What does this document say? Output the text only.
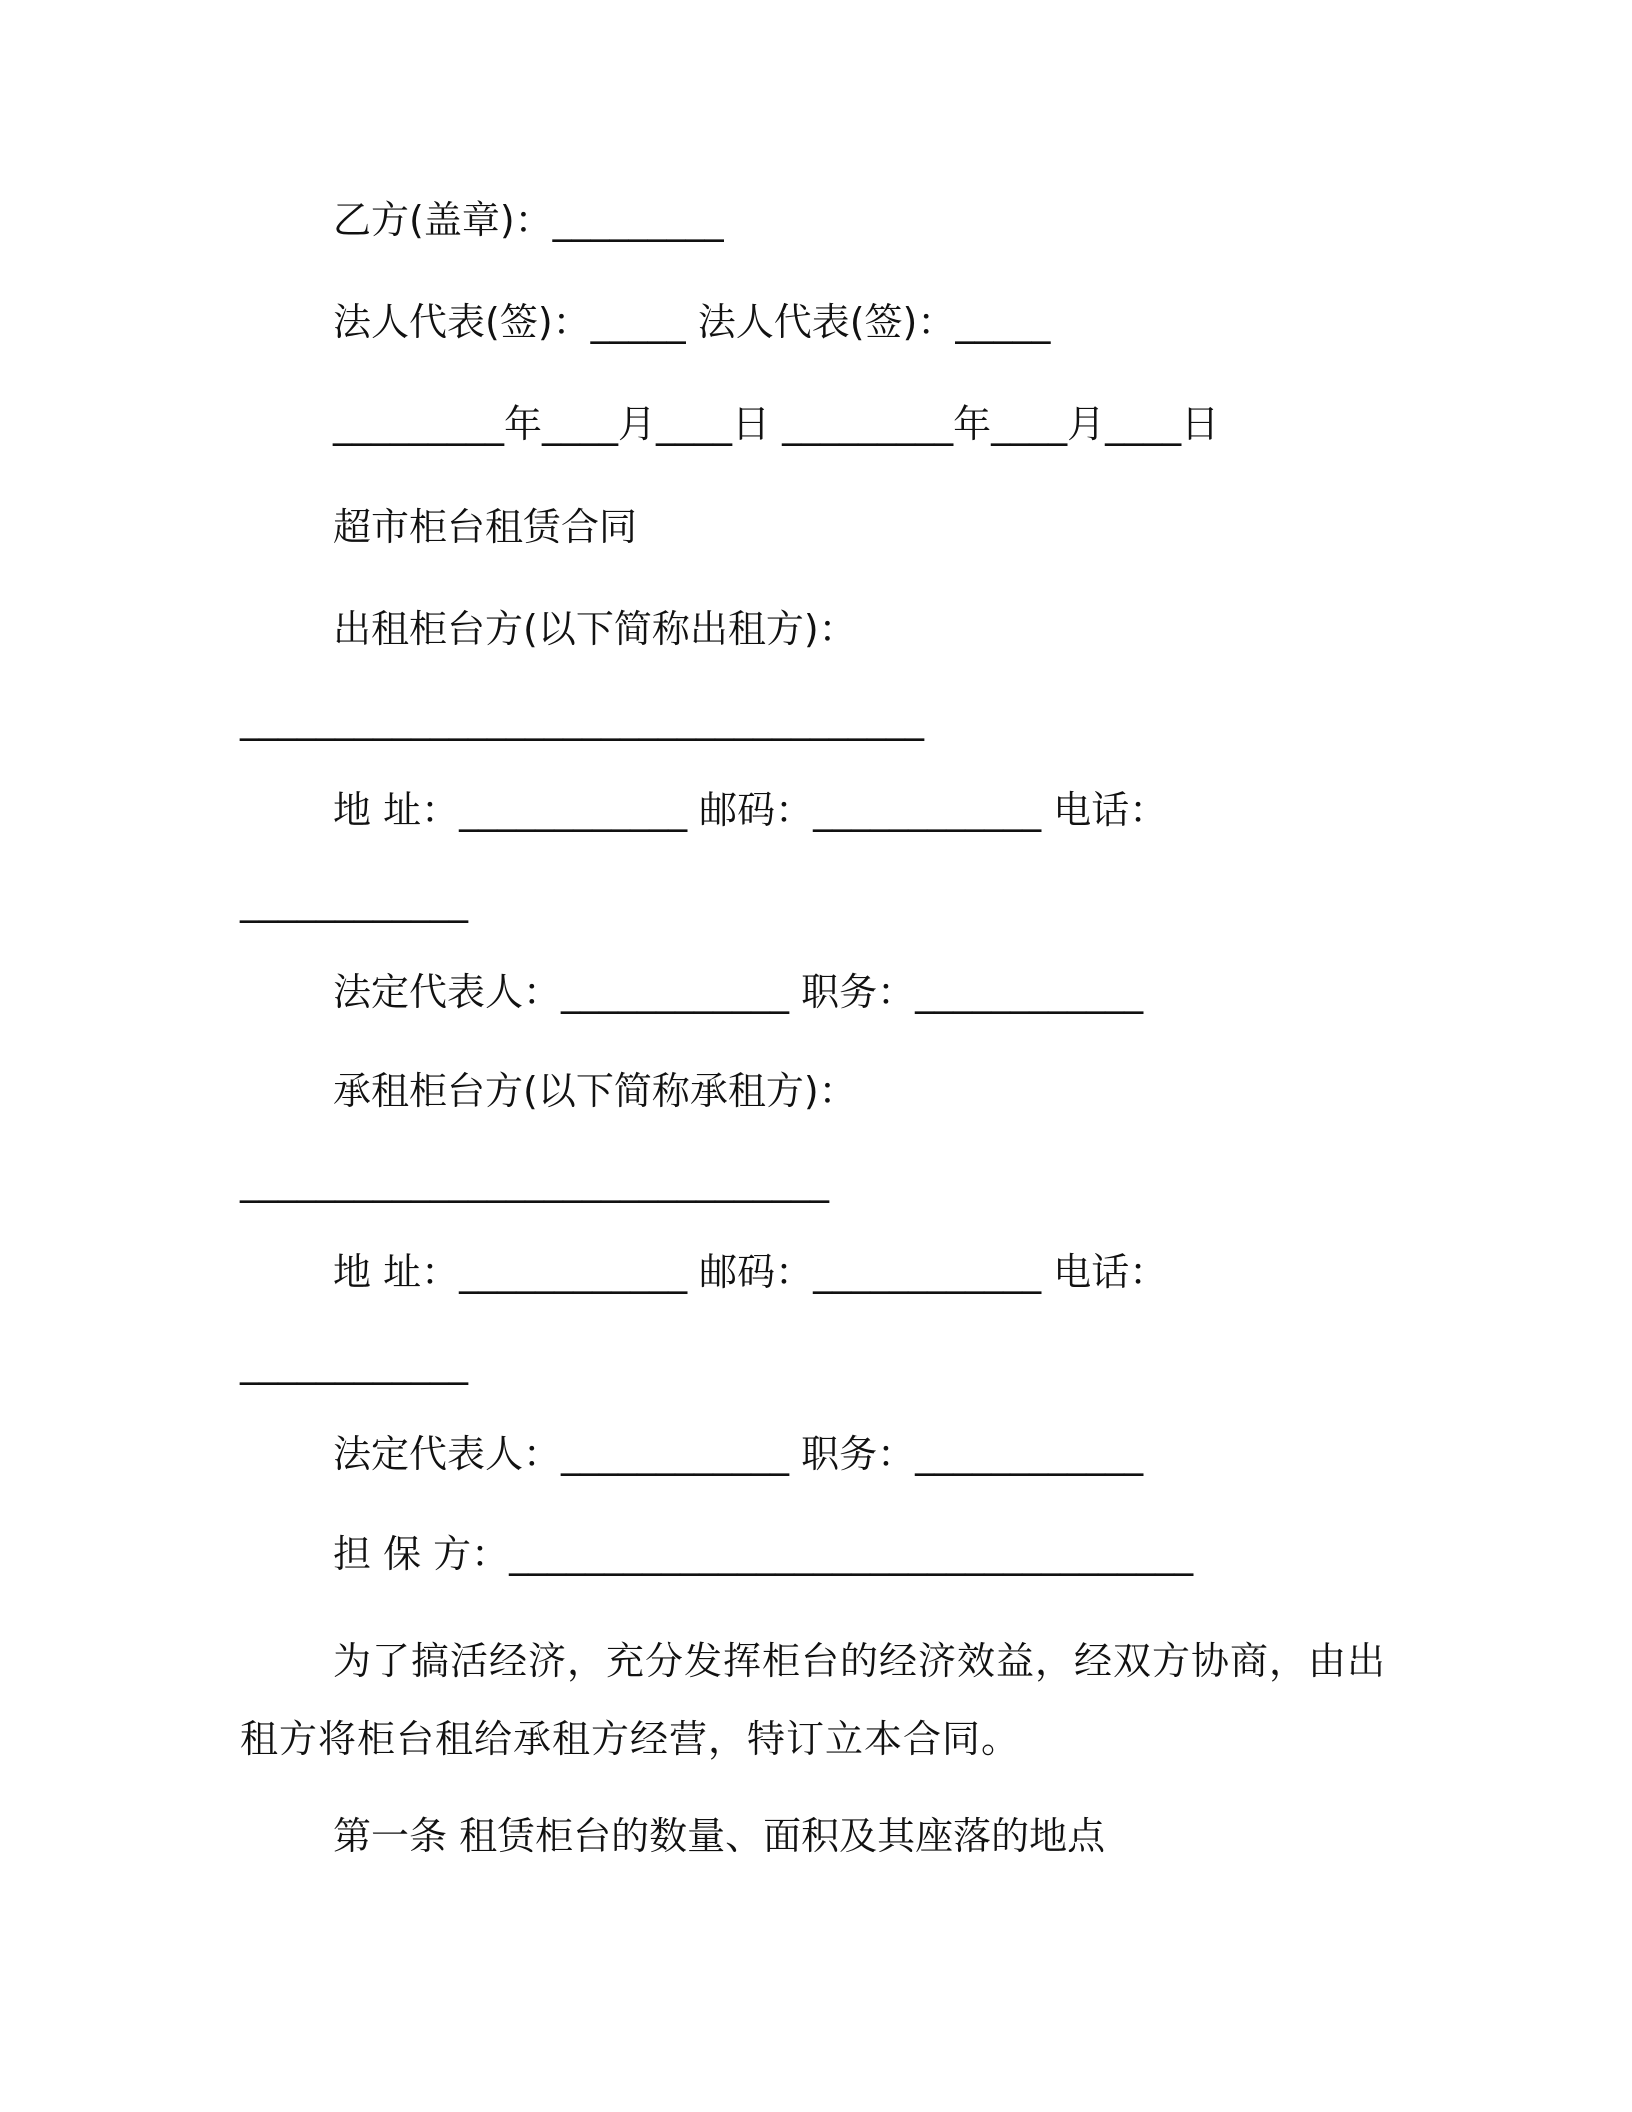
乙方(盖章)：_________
法人代表(签)：_____ 法人代表(签)：_____
_________年____月____日 _________年____月____日
超市柜台租赁合同
出租柜台方(以下简称出租方)：
____________________________________
地 址：____________ 邮码：____________ 电话：
____________
法定代表人：____________ 职务：____________
承租柜台方(以下简称承租方)：
_______________________________
地 址：____________ 邮码：____________ 电话：
____________
法定代表人：____________ 职务：____________
担 保 方：____________________________________
为了搞活经济，充分发挥柜台的经济效益，经双方协商，由出租方将柜台租给承租方经营，特订立本合同。
第一条 租赁柜台的数量、面积及其座落的地点
